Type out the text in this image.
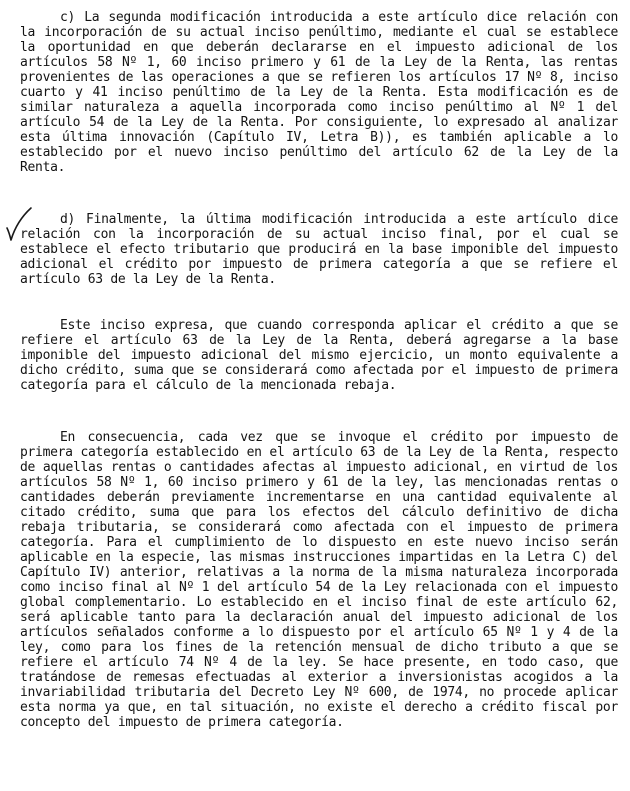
c) La segunda modificación introducida a este artículo dice relación con la incorporación de su actual inciso penúltimo, mediante el cual se establece la oportunidad en que deberán declararse en el impuesto adicional de los artículos 58 Nº 1, 60 inciso primero y 61 de la Ley de la Renta, las rentas provenientes de las operaciones a que se refieren los artículos 17 Nº 8, inciso cuarto y 41 inciso penúltimo de la Ley de la Renta. Esta modificación es de similar naturaleza a aquella incorporada como inciso penúltimo al Nº 1 del artículo 54 de la Ley de la Renta. Por consiguiente, lo expresado al analizar esta última innovación (Capítulo IV, Letra B)), es también aplicable a lo establecido por el nuevo inciso penúltimo del artículo 62 de la Ley de la Renta.

d) Finalmente, la última modificación introducida a este artículo dice relación con la incorporación de su actual inciso final, por el cual se establece el efecto tributario que producirá en la base imponible del impuesto adicional el crédito por impuesto de primera categoría a que se refiere el artículo 63 de la Ley de la Renta.

Este inciso expresa, que cuando corresponda aplicar el crédito a que se refiere el artículo 63 de la Ley de la Renta, deberá agregarse a la base imponible del impuesto adicional del mismo ejercicio, un monto equivalente a dicho crédito, suma que se considerará como afectada por el impuesto de primera categoría para el cálculo de la mencionada rebaja.

En consecuencia, cada vez que se invoque el crédito por impuesto de primera categoría establecido en el artículo 63 de la Ley de la Renta, respecto de aquellas rentas o cantidades afectas al impuesto adicional, en virtud de los artículos 58 Nº 1, 60 inciso primero y 61 de la ley, las mencionadas rentas o cantidades deberán previamente incrementarse en una cantidad equivalente al citado crédito, suma que para los efectos del cálculo definitivo de dicha rebaja tributaria, se considerará como afectada con el impuesto de primera categoría. Para el cumplimiento de lo dispuesto en este nuevo inciso serán aplicable en la especie, las mismas instrucciones impartidas en la Letra C) del Capítulo IV) anterior, relativas a la norma de la misma naturaleza incorporada como inciso final al Nº 1 del artículo 54 de la Ley relacionada con el impuesto global complementario. Lo establecido en el inciso final de este artículo 62, será aplicable tanto para la declaración anual del impuesto adicional de los artículos señalados conforme a lo dispuesto por el artículo 65 Nº 1 y 4 de la ley, como para los fines de la retención mensual de dicho tributo a que se refiere el artículo 74 Nº 4 de la ley. Se hace presente, en todo caso, que tratándose de remesas efectuadas al exterior a inversionistas acogidos a la invariabilidad tributaria del Decreto Ley Nº 600, de 1974, no procede aplicar esta norma ya que, en tal situación, no existe el derecho a crédito fiscal por concepto del impuesto de primera categoría.
